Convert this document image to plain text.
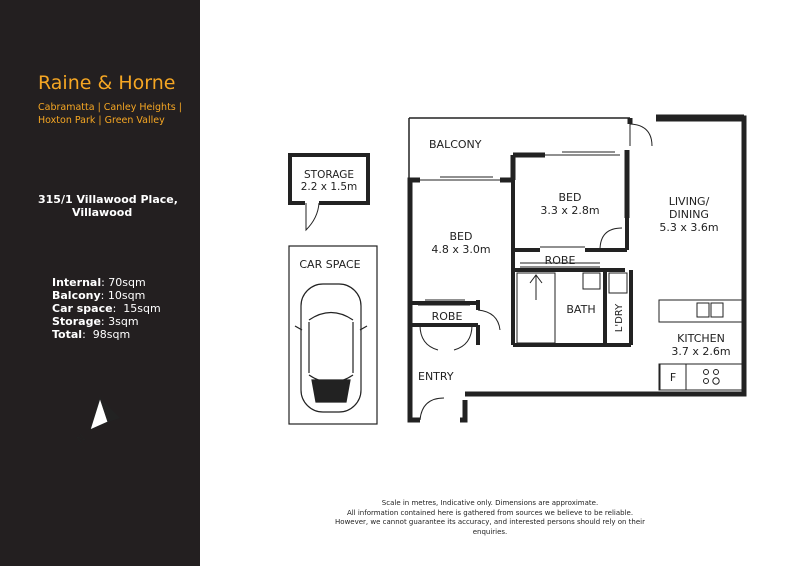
Raine & Horne
Cabramatta | Canley Heights |
Hoxton Park | Green Valley
315/1 Villawood Place,
Villawood
Internal: 70sqm
Balcony: 10sqm
Car space:  15sqm
Storage: 3sqm
Total:  98sqm
N
STORAGE
2.2 x 1.5m
CAR SPACE
BALCONY
BED
3.3 x 2.8m
BED
4.8 x 3.0m
LIVING/
DINING
5.3 x 3.6m
ROBE
ROBE
BATH L'DRY
KITCHEN
3.7 x 2.6m
F
ENTRY
Scale in metres, Indicative only. Dimensions are approximate.
All information contained here is gathered from sources we believe to be reliable.
However, we cannot guarantee its accuracy, and interested persons should rely on their enquiries.
